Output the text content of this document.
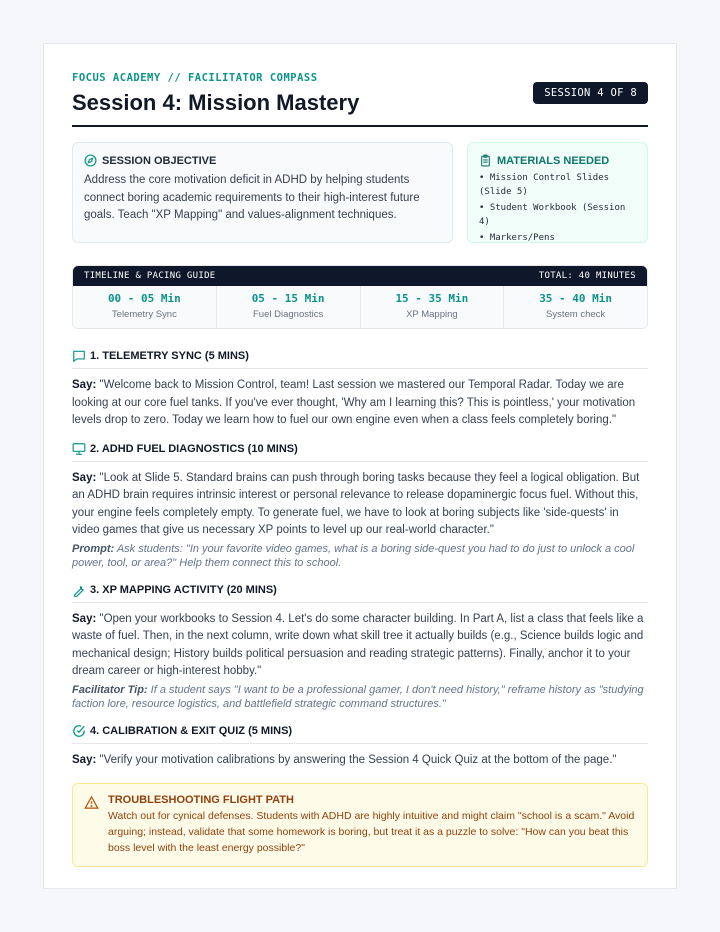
FOCUS ACADEMY // FACILITATOR COMPASS
Session 4: Mission Mastery	SESSION 4 OF 8
SESSION OBJECTIVE
Address the core motivation deficit in ADHD by helping students connect boring academic requirements to their high-interest future goals. Teach "XP Mapping" and values-alignment techniques.
MATERIALS NEEDED
• Mission Control Slides (Slide 5)
• Student Workbook (Session 4)
• Markers/Pens
TIMELINE & PACING GUIDE	TOTAL: 40 MINUTES
00 - 05 Min
Telemetry Sync
05 - 15 Min
Fuel Diagnostics
15 - 35 Min
XP Mapping
35 - 40 Min
System check
1. TELEMETRY SYNC (5 MINS)

Say: "Welcome back to Mission Control, team! Last session we mastered our Temporal Radar. Today we are looking at our core fuel tanks. If you've ever thought, 'Why am I learning this? This is pointless,' your motivation levels drop to zero. Today we learn how to fuel our own engine even when a class feels completely boring."

2. ADHD FUEL DIAGNOSTICS (10 MINS)

Say: "Look at Slide 5. Standard brains can push through boring tasks because they feel a logical obligation. But an ADHD brain requires intrinsic interest or personal relevance to release dopaminergic focus fuel. Without this, your engine feels completely empty. To generate fuel, we have to look at boring subjects like 'side-quests' in video games that give us necessary XP points to level up our real-world character."

Prompt: Ask students: "In your favorite video games, what is a boring side-quest you had to do just to unlock a cool power, tool, or area?" Help them connect this to school.

3. XP MAPPING ACTIVITY (20 MINS)

Say: "Open your workbooks to Session 4. Let's do some character building. In Part A, list a class that feels like a waste of fuel. Then, in the next column, write down what skill tree it actually builds (e.g., Science builds logic and mechanical design; History builds political persuasion and reading strategic patterns). Finally, anchor it to your dream career or high-interest hobby."

Facilitator Tip: If a student says "I want to be a professional gamer, I don't need history," reframe history as "studying faction lore, resource logistics, and battlefield strategic command structures."

4. CALIBRATION & EXIT QUIZ (5 MINS)

Say: "Verify your motivation calibrations by answering the Session 4 Quick Quiz at the bottom of the page."

TROUBLESHOOTING FLIGHT PATH
Watch out for cynical defenses. Students with ADHD are highly intuitive and might claim "school is a scam." Avoid arguing; instead, validate that some homework is boring, but treat it as a puzzle to solve: "How can you beat this boss level with the least energy possible?"
